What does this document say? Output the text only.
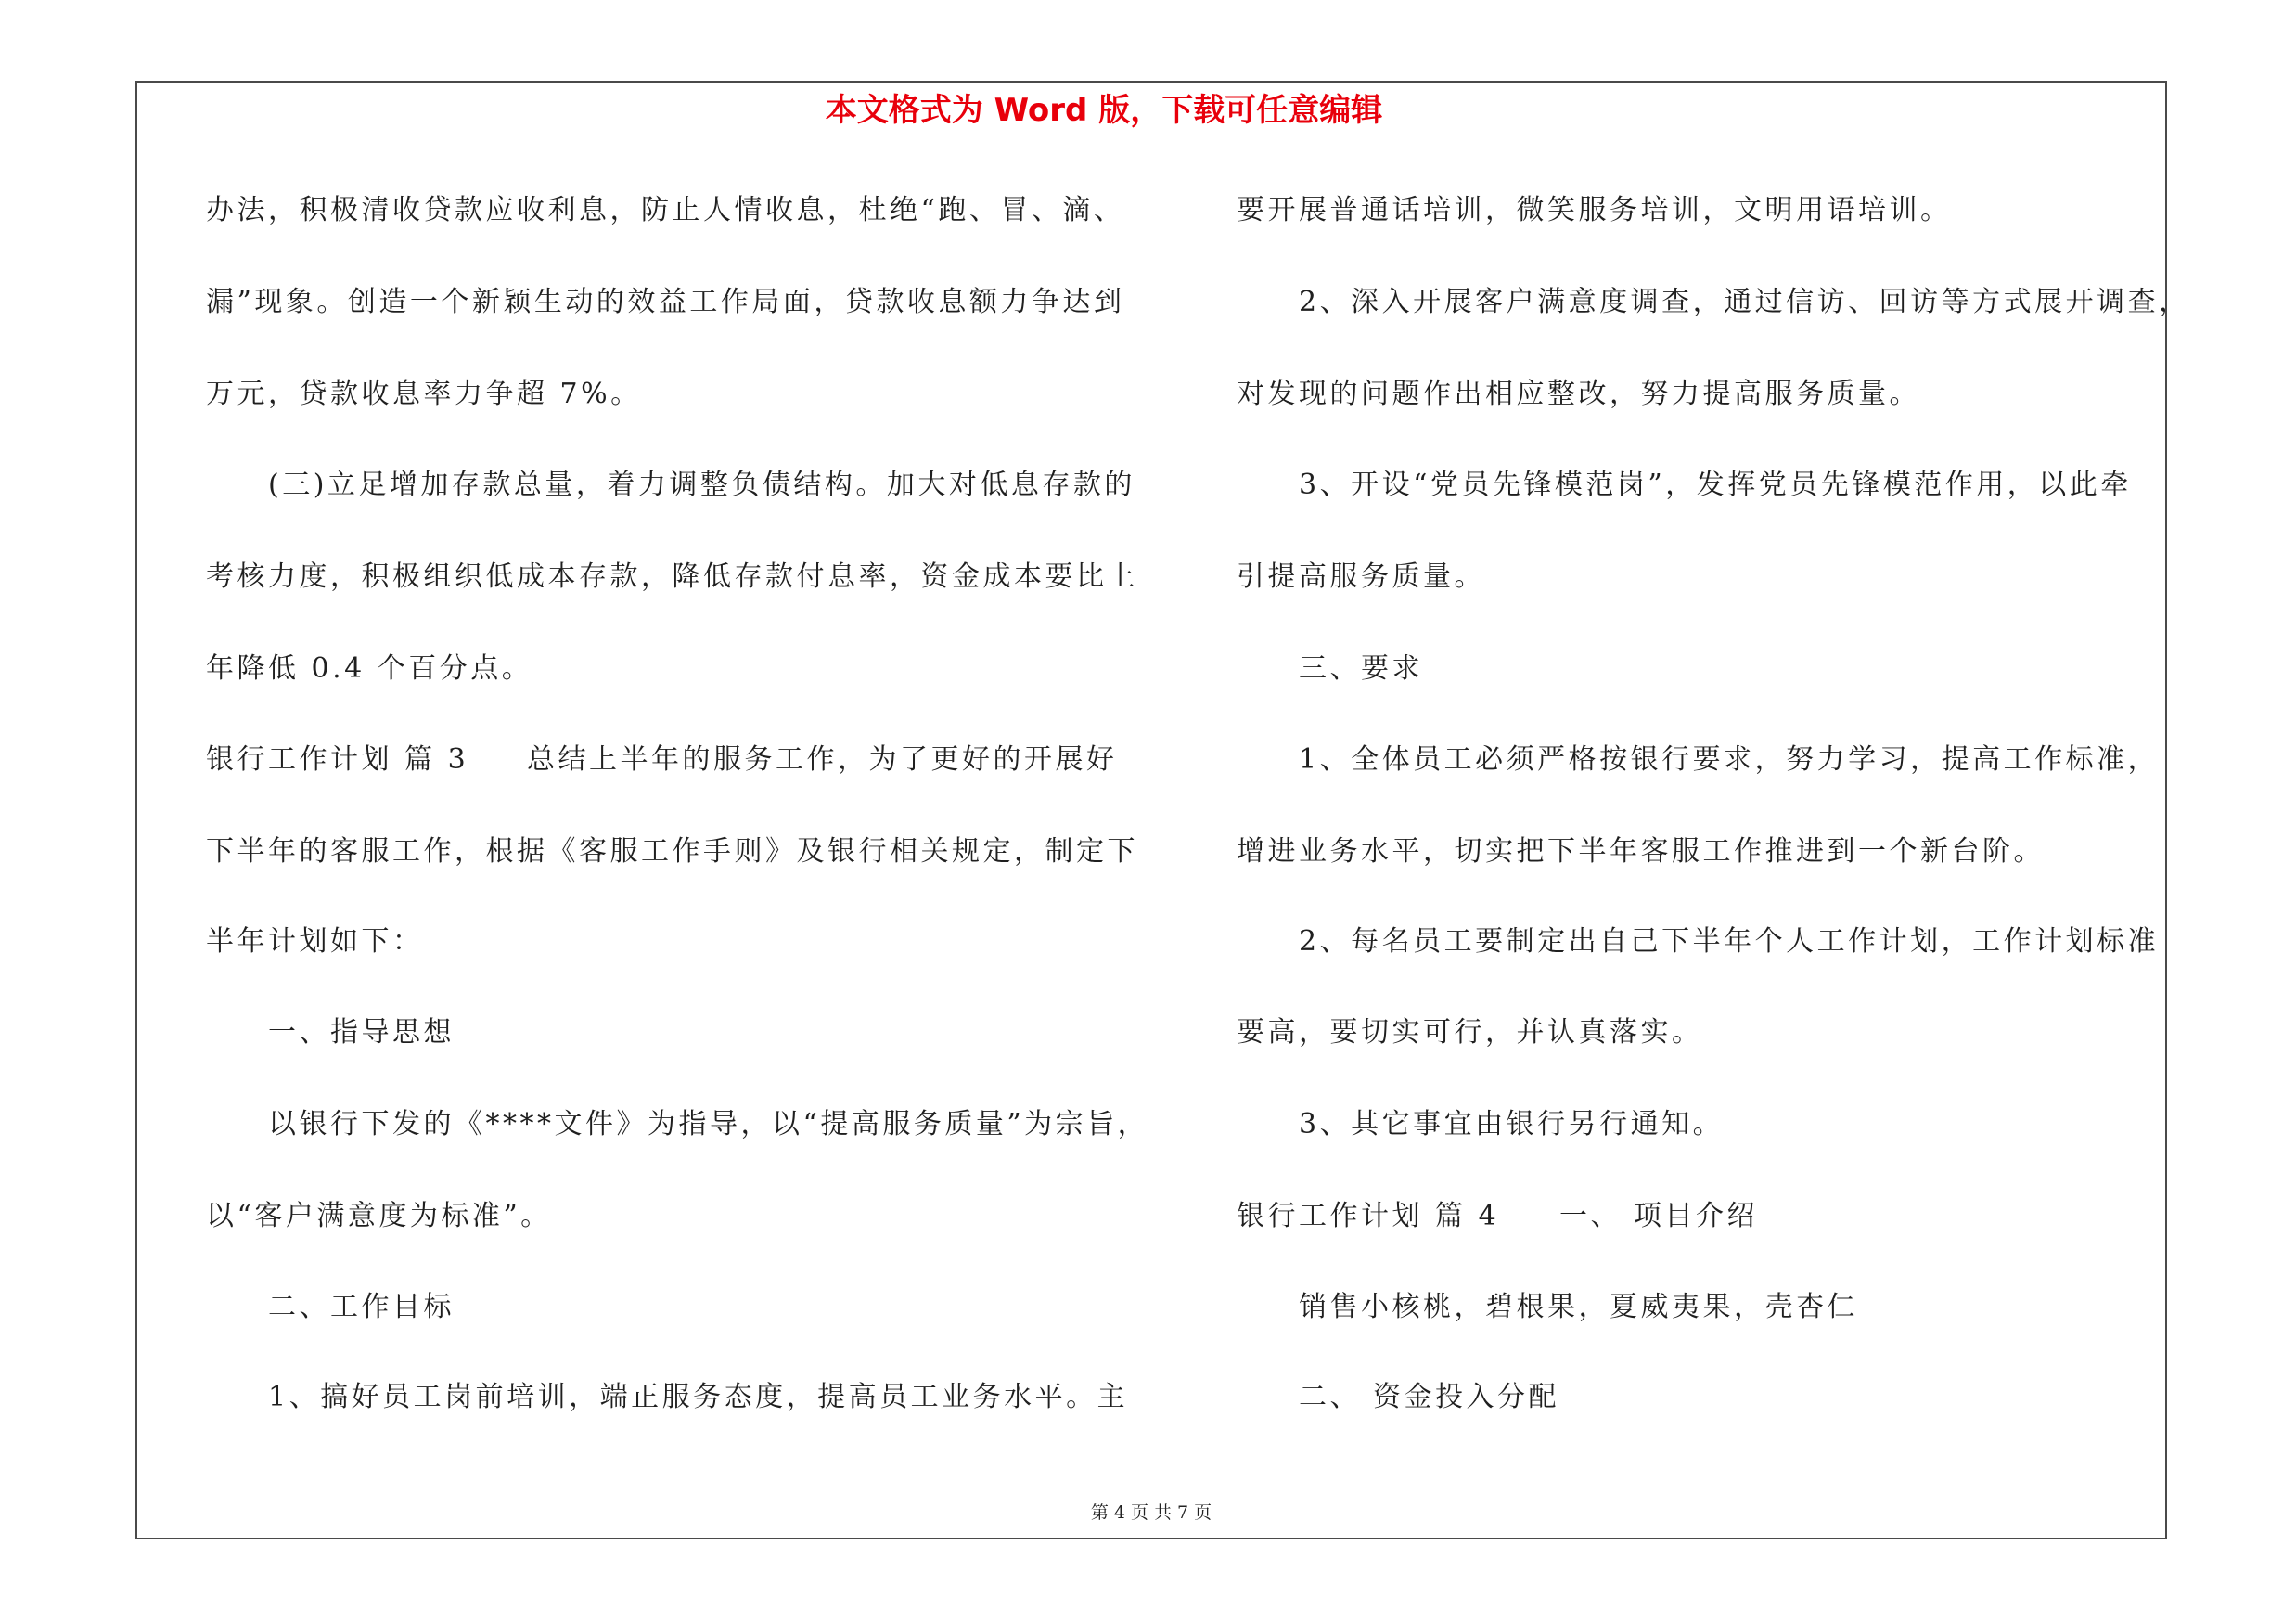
本文格式为 Word 版，下载可任意编辑
办法，积极清收贷款应收利息，防止人情收息，杜绝“跑、冒、滴、
漏”现象。创造一个新颖生动的效益工作局面，贷款收息额力争达到
万元，贷款收息率力争超 7%。
(三)立足增加存款总量，着力调整负债结构。加大对低息存款的
考核力度，积极组织低成本存款，降低存款付息率，资金成本要比上
年降低 0.4 个百分点。
银行工作计划 篇 3 总结上半年的服务工作，为了更好的开展好
下半年的客服工作，根据《客服工作手则》及银行相关规定，制定下
半年计划如下：
一、指导思想
以银行下发的《****文件》为指导，以“提高服务质量”为宗旨，
以“客户满意度为标准”。
二、工作目标
1、搞好员工岗前培训，端正服务态度，提高员工业务水平。主
要开展普通话培训，微笑服务培训，文明用语培训。
2、深入开展客户满意度调查，通过信访、回访等方式展开调查，
对发现的问题作出相应整改，努力提高服务质量。
3、开设“党员先锋模范岗”，发挥党员先锋模范作用，以此牵
引提高服务质量。
三、要求
1、全体员工必须严格按银行要求，努力学习，提高工作标准，
增进业务水平，切实把下半年客服工作推进到一个新台阶。
2、每名员工要制定出自己下半年个人工作计划，工作计划标准
要高，要切实可行，并认真落实。
3、其它事宜由银行另行通知。
银行工作计划 篇 4 一、 项目介绍
销售小核桃，碧根果，夏威夷果，壳杏仁
二、 资金投入分配
第 4 页 共 7 页
